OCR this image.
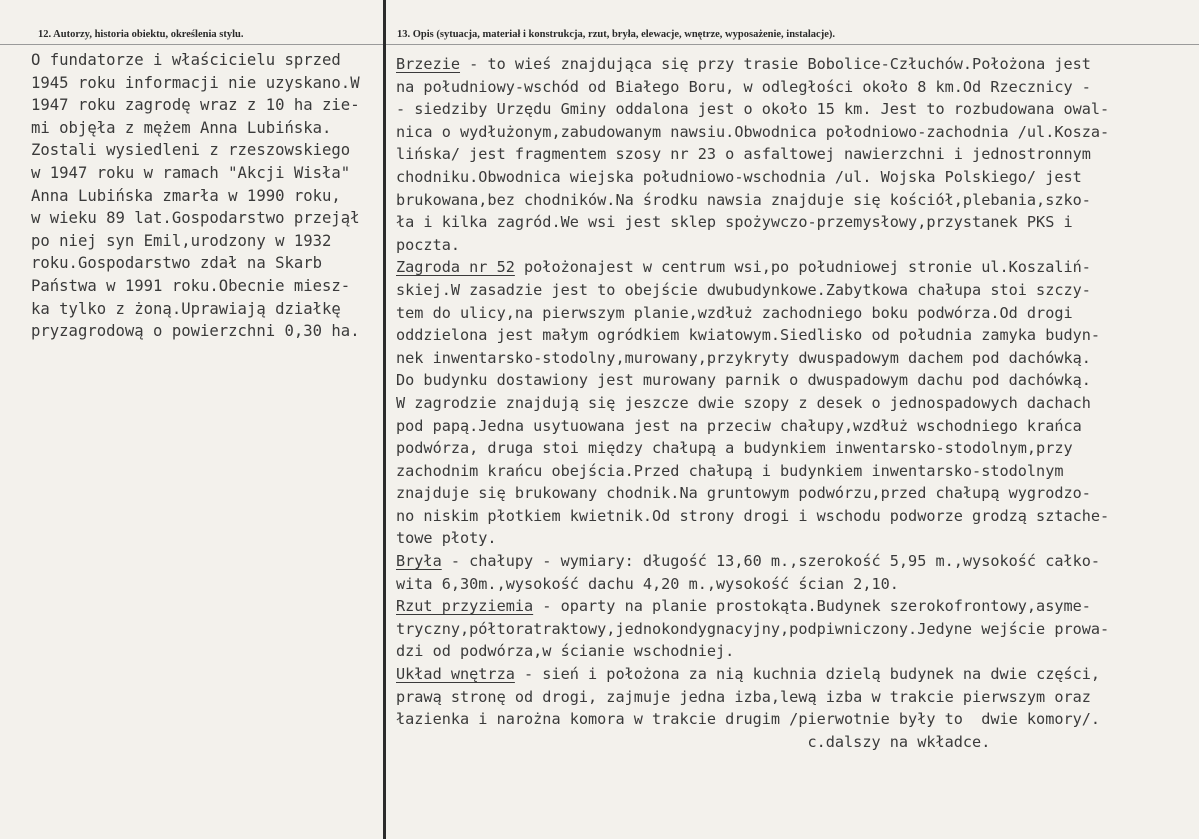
12. Autorzy, historia obiektu, określenia stylu.
O fundatorze i właścicielu sprzed
1945 roku informacji nie uzyskano.W
1947 roku zagrodę wraz z 10 ha zie-
mi objęła z mężem Anna Lubińska.
Zostali wysiedleni z rzeszowskiego
w 1947 roku w ramach "Akcji Wisła"
Anna Lubińska zmarła w 1990 roku,
w wieku 89 lat.Gospodarstwo przejął
po niej syn Emil,urodzony w 1932
roku.Gospodarstwo zdał na Skarb
Państwa w 1991 roku.Obecnie miesz-
ka tylko z żoną.Uprawiają działkę
pryzagrodową o powierzchni 0,30 ha.
13. Opis (sytuacja, materiał i konstrukcja, rzut, bryła, elewacje, wnętrze, wyposażenie, instalacje).
Brzezie - to wieś znajdująca się przy trasie Bobolice-Człuchów.Położona jest
na południowy-wschód od Białego Boru, w odległości około 8 km.Od Rzecznicy -
- siedziby Urzędu Gminy oddalona jest o około 15 km. Jest to rozbudowana owal-
nica o wydłużonym,zabudowanym nawsiu.Obwodnica połodniowo-zachodnia /ul.Kosza-
lińska/ jest fragmentem szosy nr 23 o asfaltowej nawierzchni i jednostronnym
chodniku.Obwodnica wiejska południowo-wschodnia /ul. Wojska Polskiego/ jest
brukowana,bez chodników.Na środku nawsia znajduje się kościół,plebania,szko-
ła i kilka zagród.We wsi jest sklep spożywczo-przemysłowy,przystanek PKS i
poczta.
Zagroda nr 52 położonajest w centrum wsi,po południowej stronie ul.Koszaliń-
skiej.W zasadzie jest to obejście dwubudynkowe.Zabytkowa chałupa stoi szczy-
tem do ulicy,na pierwszym planie,wzdłuż zachodniego boku podwórza.Od drogi
oddzielona jest małym ogródkiem kwiatowym.Siedlisko od południa zamyka budyn-
nek inwentarsko-stodolny,murowany,przykryty dwuspadowym dachem pod dachówką.
Do budynku dostawiony jest murowany parnik o dwuspadowym dachu pod dachówką.
W zagrodzie znajdują się jeszcze dwie szopy z desek o jednospadowych dachach
pod papą.Jedna usytuowana jest na przeciw chałupy,wzdłuż wschodniego krańca
podwórza, druga stoi między chałupą a budynkiem inwentarsko-stodolnym,przy
zachodnim krańcu obejścia.Przed chałupą i budynkiem inwentarsko-stodolnym
znajduje się brukowany chodnik.Na gruntowym podwórzu,przed chałupą wygrodzo-
no niskim płotkiem kwietnik.Od strony drogi i wschodu podworze grodzą sztache-
towe płoty.
Bryła - chałupy - wymiary: długość 13,60 m.,szerokość 5,95 m.,wysokość całko-
wita 6,30m.,wysokość dachu 4,20 m.,wysokość ścian 2,10.
Rzut przyziemia - oparty na planie prostokąta.Budynek szerokofrontowy,asyme-
tryczny,półtoratraktowy,jednokondygnacyjny,podpiwniczony.Jedyne wejście prowa-
dzi od podwórza,w ścianie wschodniej.
Układ wnętrza - sień i położona za nią kuchnia dzielą budynek na dwie części,
prawą stronę od drogi, zajmuje jedna izba,lewą izba w trakcie pierwszym oraz
łazienka i narożna komora w trakcie drugim /pierwotnie były to  dwie komory/.
c.dalszy na wkładce.
